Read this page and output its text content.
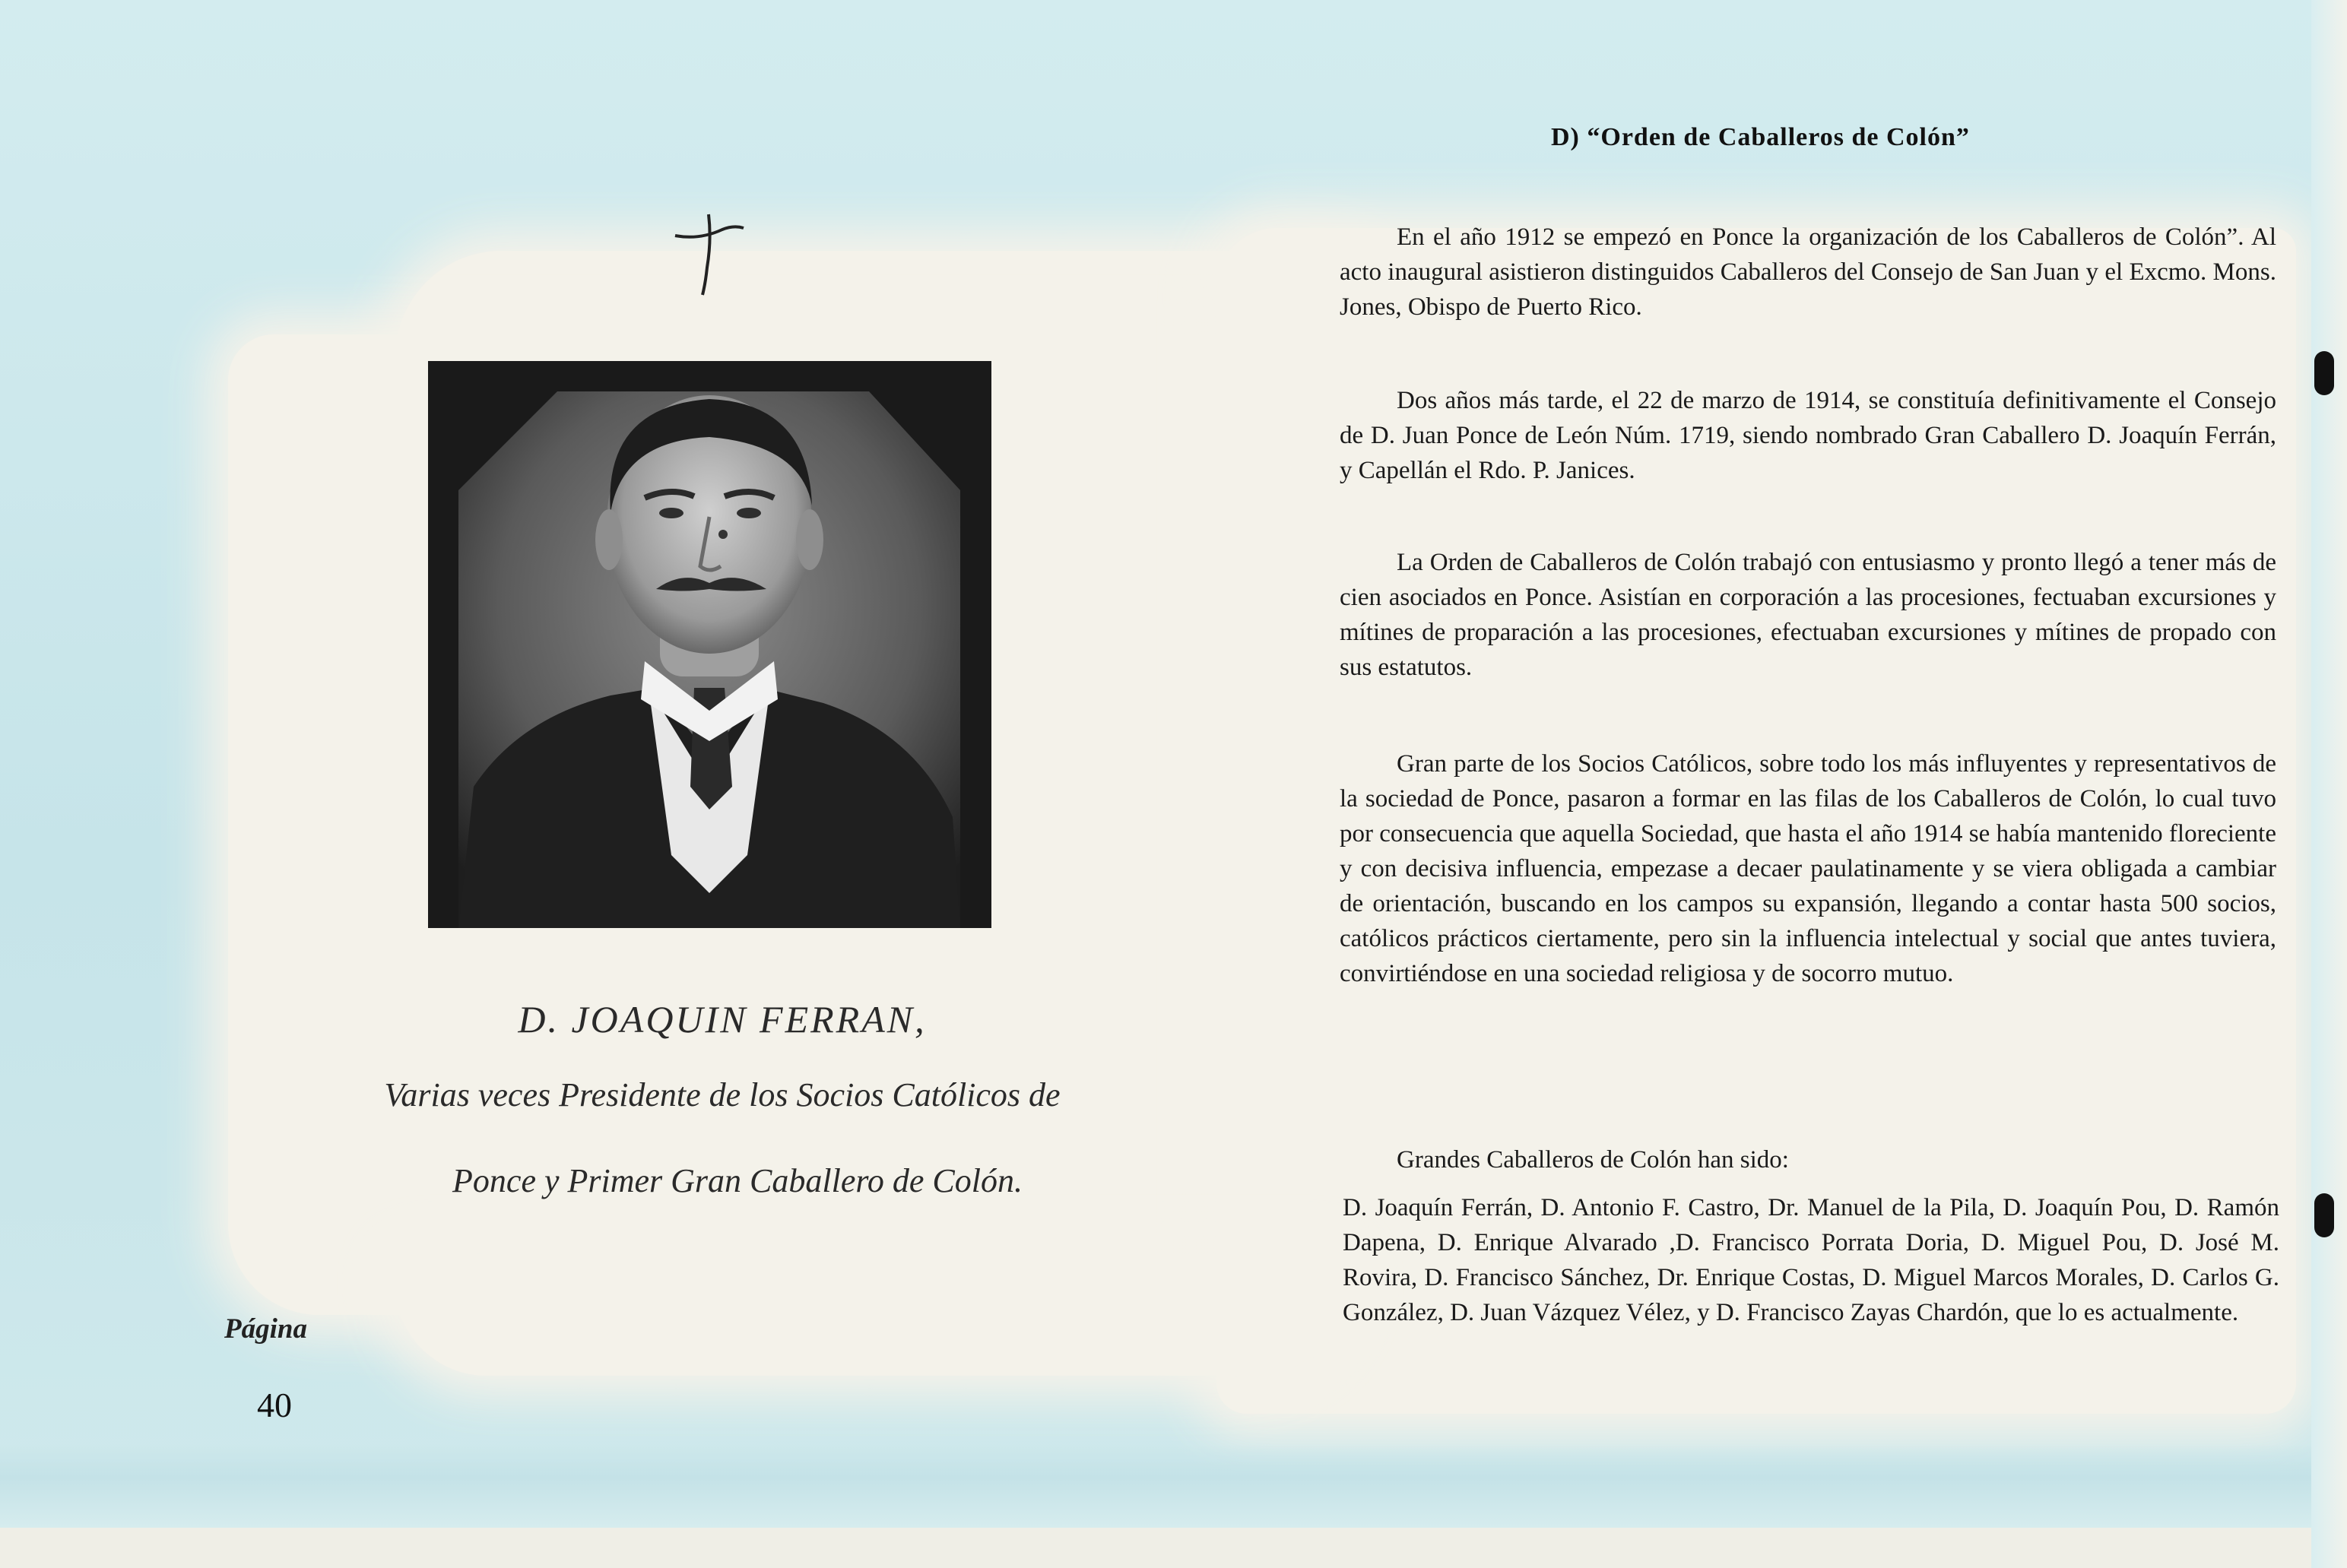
D. JOAQUIN FERRAN,
Varias veces Presidente de los Socios Católicos de
Ponce y Primer Gran Caballero de Colón.
Página
40
D) “Orden de Caballeros de Colón”

En el año 1912 se empezó en Ponce la organización de los Caballeros de Colón”. Al acto inaugural asistieron distinguidos Caballeros del Consejo de San Juan y el Excmo. Mons. Jones, Obispo de Puerto Rico.

Dos años más tarde, el 22 de marzo de 1914, se constituía definitivamente el Consejo de D. Juan Ponce de León Núm. 1719, siendo nombrado Gran Caballero D. Joaquín Ferrán, y Capellán el Rdo. P. Janices.

La Orden de Caballeros de Colón trabajó con entusiasmo y pronto llegó a tener más de cien asociados en Ponce. Asistían en corporación a las procesiones, fectuaban excursiones y mítines de proparación a las procesiones, efectuaban excursiones y mítines de propado con sus estatutos.

Gran parte de los Socios Católicos, sobre todo los más influyentes y representativos de la sociedad de Ponce, pasaron a formar en las filas de los Caballeros de Colón, lo cual tuvo por consecuencia que aquella Sociedad, que hasta el año 1914 se había mantenido floreciente y con decisiva influencia, empezase a decaer paulatinamente y se viera obligada a cambiar de orientación, buscando en los campos su expansión, llegando a contar hasta 500 socios, católicos prácticos ciertamente, pero sin la influencia intelectual y social que antes tuviera, convirtiéndose en una sociedad religiosa y de socorro mutuo.

Grandes Caballeros de Colón han sido:

D. Joaquín Ferrán, D. Antonio F. Castro, Dr. Manuel de la Pila, D. Joaquín Pou, D. Ramón Dapena, D. Enrique Alvarado ,D. Francisco Porrata Doria, D. Miguel Pou, D. José M. Rovira, D. Francisco Sánchez, Dr. Enrique Costas, D. Miguel Marcos Morales, D. Carlos G. González, D. Juan Vázquez Vélez, y D. Francisco Zayas Chardón, que lo es actualmente.
